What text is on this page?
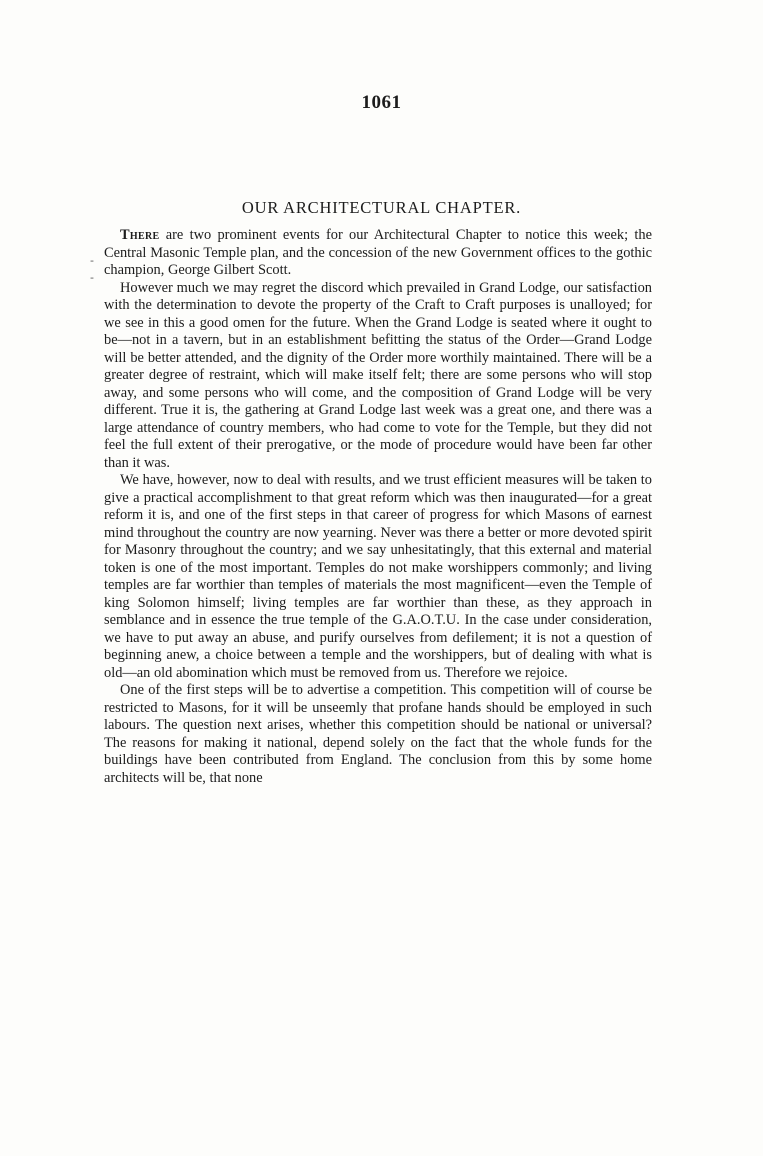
1061
-
-
OUR ARCHITECTURAL CHAPTER.

There are two prominent events for our Architectural Chapter to notice this week; the Central Masonic Temple plan, and the concession of the new Government offices to the gothic champion, George Gilbert Scott.

However much we may regret the discord which prevailed in Grand Lodge, our satisfaction with the determination to devote the property of the Craft to Craft purposes is unalloyed; for we see in this a good omen for the future. When the Grand Lodge is seated where it ought to be—not in a tavern, but in an establishment befitting the status of the Order—Grand Lodge will be better attended, and the dignity of the Order more worthily maintained. There will be a greater degree of restraint, which will make itself felt; there are some persons who will stop away, and some persons who will come, and the composition of Grand Lodge will be very different. True it is, the gathering at Grand Lodge last week was a great one, and there was a large attendance of country members, who had come to vote for the Temple, but they did not feel the full extent of their prerogative, or the mode of procedure would have been far other than it was.

We have, however, now to deal with results, and we trust efficient measures will be taken to give a practical accomplishment to that great reform which was then inaugurated—for a great reform it is, and one of the first steps in that career of progress for which Masons of earnest mind throughout the country are now yearning. Never was there a better or more devoted spirit for Masonry throughout the country; and we say unhesitatingly, that this external and material token is one of the most important. Temples do not make worshippers commonly; and living temples are far worthier than temples of materials the most magnificent—even the Temple of king Solomon himself; living temples are far worthier than these, as they approach in semblance and in essence the true temple of the G.A.O.T.U. In the case under consideration, we have to put away an abuse, and purify ourselves from defilement; it is not a question of beginning anew, a choice between a temple and the worshippers, but of dealing with what is old—an old abomination which must be removed from us. Therefore we rejoice.

One of the first steps will be to advertise a competition. This competition will of course be restricted to Masons, for it will be unseemly that profane hands should be employed in such labours. The question next arises, whether this competition should be national or universal? The reasons for making it national, depend solely on the fact that the whole funds for the buildings have been contributed from England. The conclusion from this by some home architects will be, that none
